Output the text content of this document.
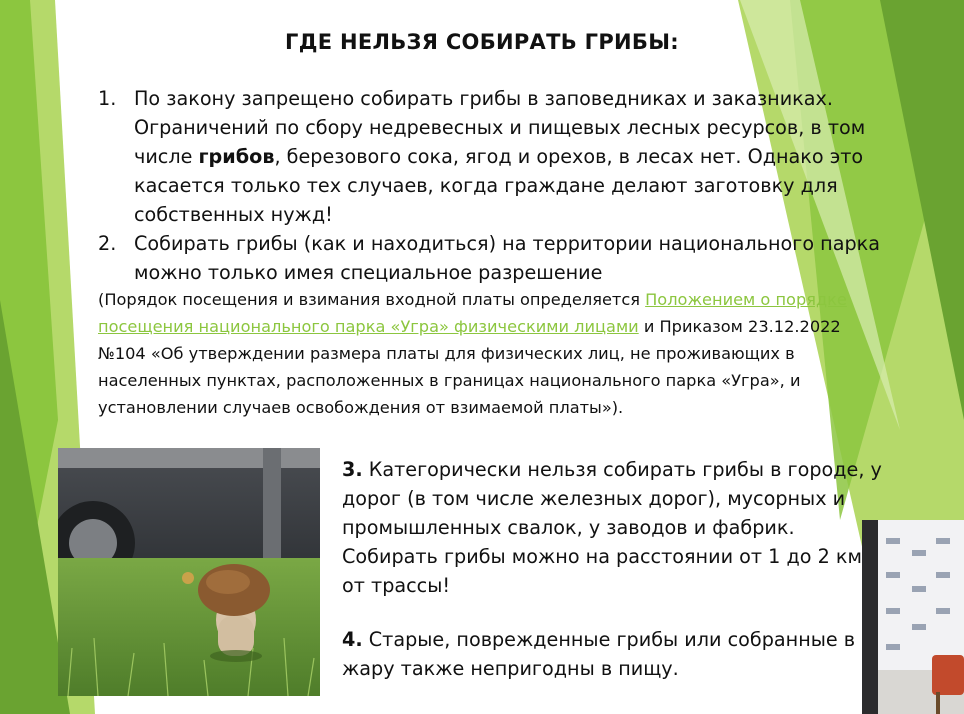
ГДЕ НЕЛЬЗЯ СОБИРАТЬ ГРИБЫ:
1. По закону запрещено собирать грибы в заповедниках и заказниках. Ограничений по сбору недревесных и пищевых лесных ресурсов, в том числе грибов, березового сока, ягод и орехов, в лесах нет. Однако это касается только тех случаев, когда граждане делают заготовку для собственных нужд!
2. Собирать грибы (как и находиться) на территории национального парка можно только имея специальное разрешение
(Порядок посещения и взимания входной платы определяется Положением о порядке посещения национального парка «Угра» физическими лицами и Приказом 23.12.2022 №104 «Об утверждении размера платы для физических лиц, не проживающих в населенных пунктах, расположенных в границах национального парка «Угра», и установлении случаев освобождения от взимаемой платы»).
3. Категорически нельзя собирать грибы в городе, у дорог (в том числе железных дорог), мусорных и промышленных свалок, у заводов и фабрик. Собирать грибы можно на расстоянии от 1 до 2 км от трассы!
4. Старые, поврежденные грибы или собранные в жару также непригодны в пищу.
